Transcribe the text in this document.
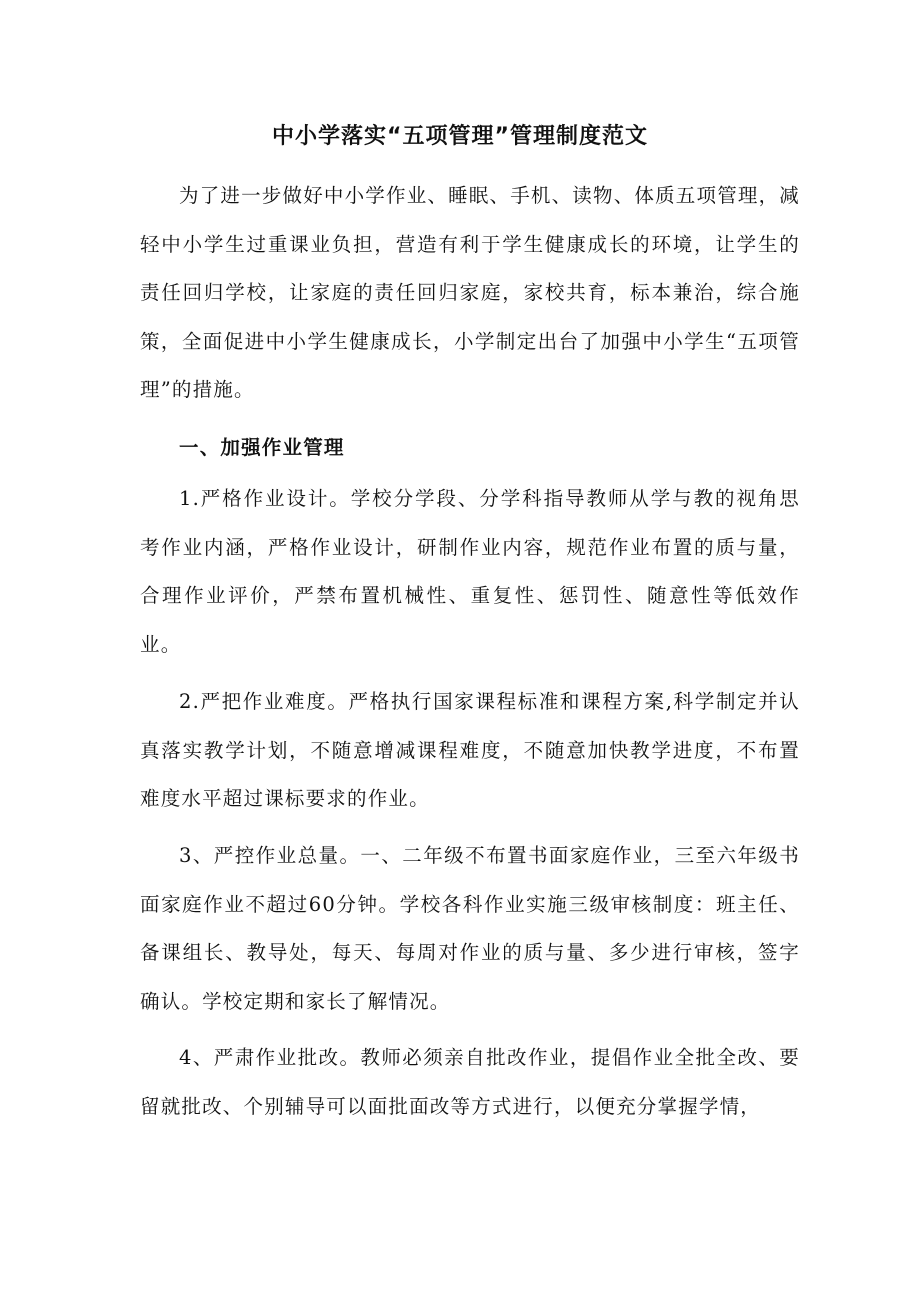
中小学落实“五项管理”管理制度范文

为了进一步做好中小学作业、睡眠、手机、读物、体质五项管理，减轻中小学生过重课业负担，营造有利于学生健康成长的环境，让学生的责任回归学校，让家庭的责任回归家庭，家校共育，标本兼治，综合施策，全面促进中小学生健康成长，小学制定出台了加强中小学生“五项管理”的措施。

一、加强作业管理

1.严格作业设计。学校分学段、分学科指导教师从学与教的视角思考作业内涵，严格作业设计，研制作业内容，规范作业布置的质与量，合理作业评价，严禁布置机械性、重复性、惩罚性、随意性等低效作业。

2.严把作业难度。严格执行国家课程标准和课程方案,科学制定并认真落实教学计划，不随意增减课程难度，不随意加快教学进度，不布置难度水平超过课标要求的作业。

3、严控作业总量。一、二年级不布置书面家庭作业，三至六年级书面家庭作业不超过60分钟。学校各科作业实施三级审核制度：班主任、备课组长、教导处，每天、每周对作业的质与量、多少进行审核，签字确认。学校定期和家长了解情况。

4、严肃作业批改。教师必须亲自批改作业，提倡作业全批全改、要留就批改、个别辅导可以面批面改等方式进行，以便充分掌握学情，
